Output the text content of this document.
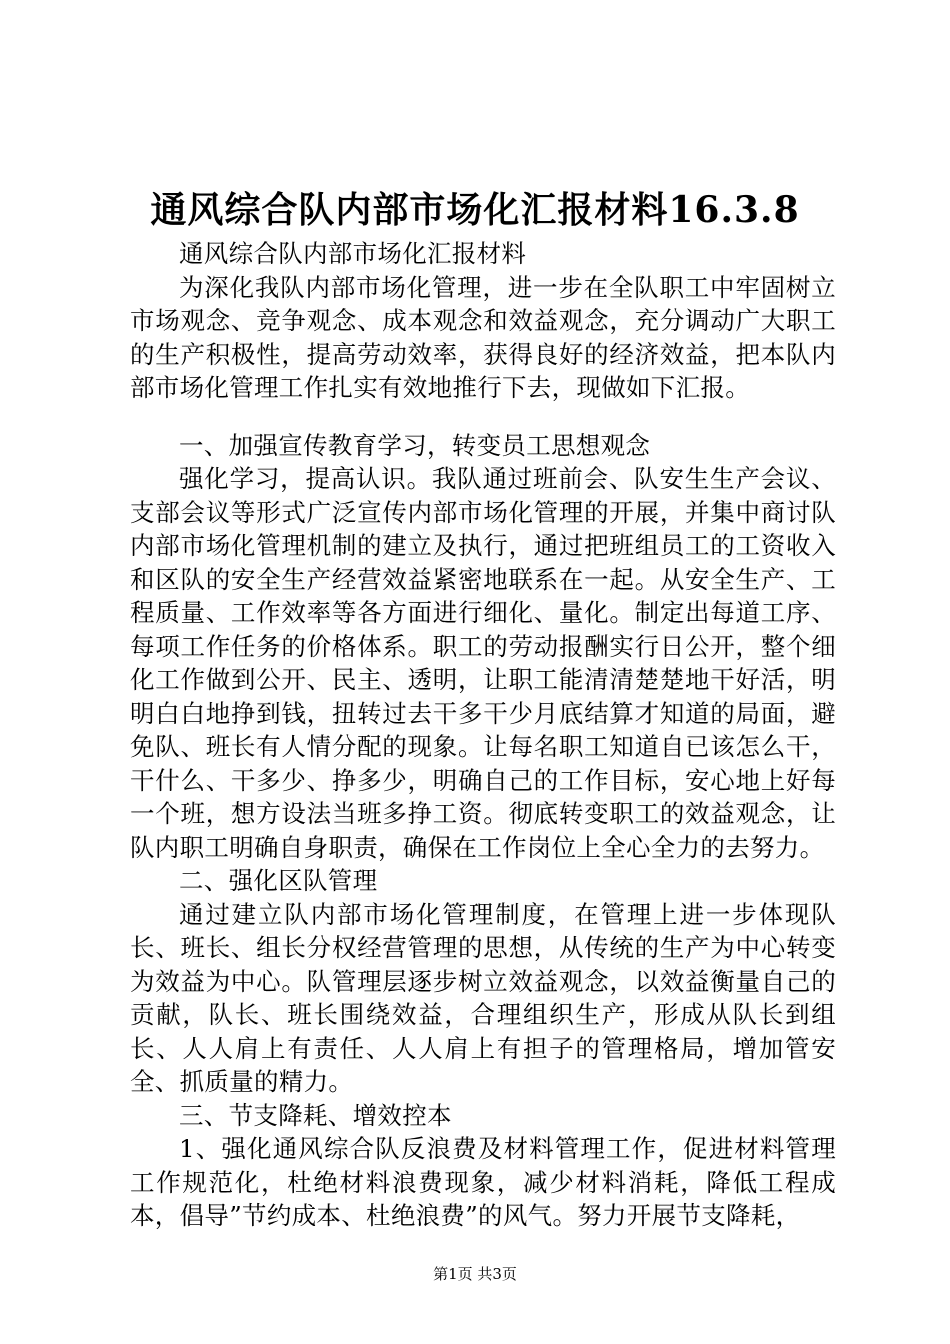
通风综合队内部市场化汇报材料16.3.8

通风综合队内部市场化汇报材料

为深化我队内部市场化管理，进一步在全队职工中牢固树立市场观念、竞争观念、成本观念和效益观念，充分调动广大职工的生产积极性，提高劳动效率，获得良好的经济效益，把本队内部市场化管理工作扎实有效地推行下去，现做如下汇报。

一、加强宣传教育学习，转变员工思想观念

强化学习，提高认识。我队通过班前会、队安生生产会议、支部会议等形式广泛宣传内部市场化管理的开展，并集中商讨队内部市场化管理机制的建立及执行，通过把班组员工的工资收入和区队的安全生产经营效益紧密地联系在一起。从安全生产、工程质量、工作效率等各方面进行细化、量化。制定出每道工序、每项工作任务的价格体系。职工的劳动报酬实行日公开，整个细化工作做到公开、民主、透明，让职工能清清楚楚地干好活，明明白白地挣到钱，扭转过去干多干少月底结算才知道的局面，避免队、班长有人情分配的现象。让每名职工知道自已该怎么干，干什么、干多少、挣多少，明确自己的工作目标，安心地上好每一个班，想方设法当班多挣工资。彻底转变职工的效益观念，让队内职工明确自身职责，确保在工作岗位上全心全力的去努力。

二、强化区队管理

通过建立队内部市场化管理制度，在管理上进一步体现队长、班长、组长分权经营管理的思想，从传统的生产为中心转变为效益为中心。队管理层逐步树立效益观念，以效益衡量自己的贡献，队长、班长围绕效益，合理组织生产，形成从队长到组长、人人肩上有责任、人人肩上有担子的管理格局，增加管安全、抓质量的精力。

三、节支降耗、增效控本

1、强化通风综合队反浪费及材料管理工作，促进材料管理工作规范化，杜绝材料浪费现象，减少材料消耗，降低工程成本，倡导”节约成本、杜绝浪费”的风气。努力开展节支降耗，

第1页 共3页
